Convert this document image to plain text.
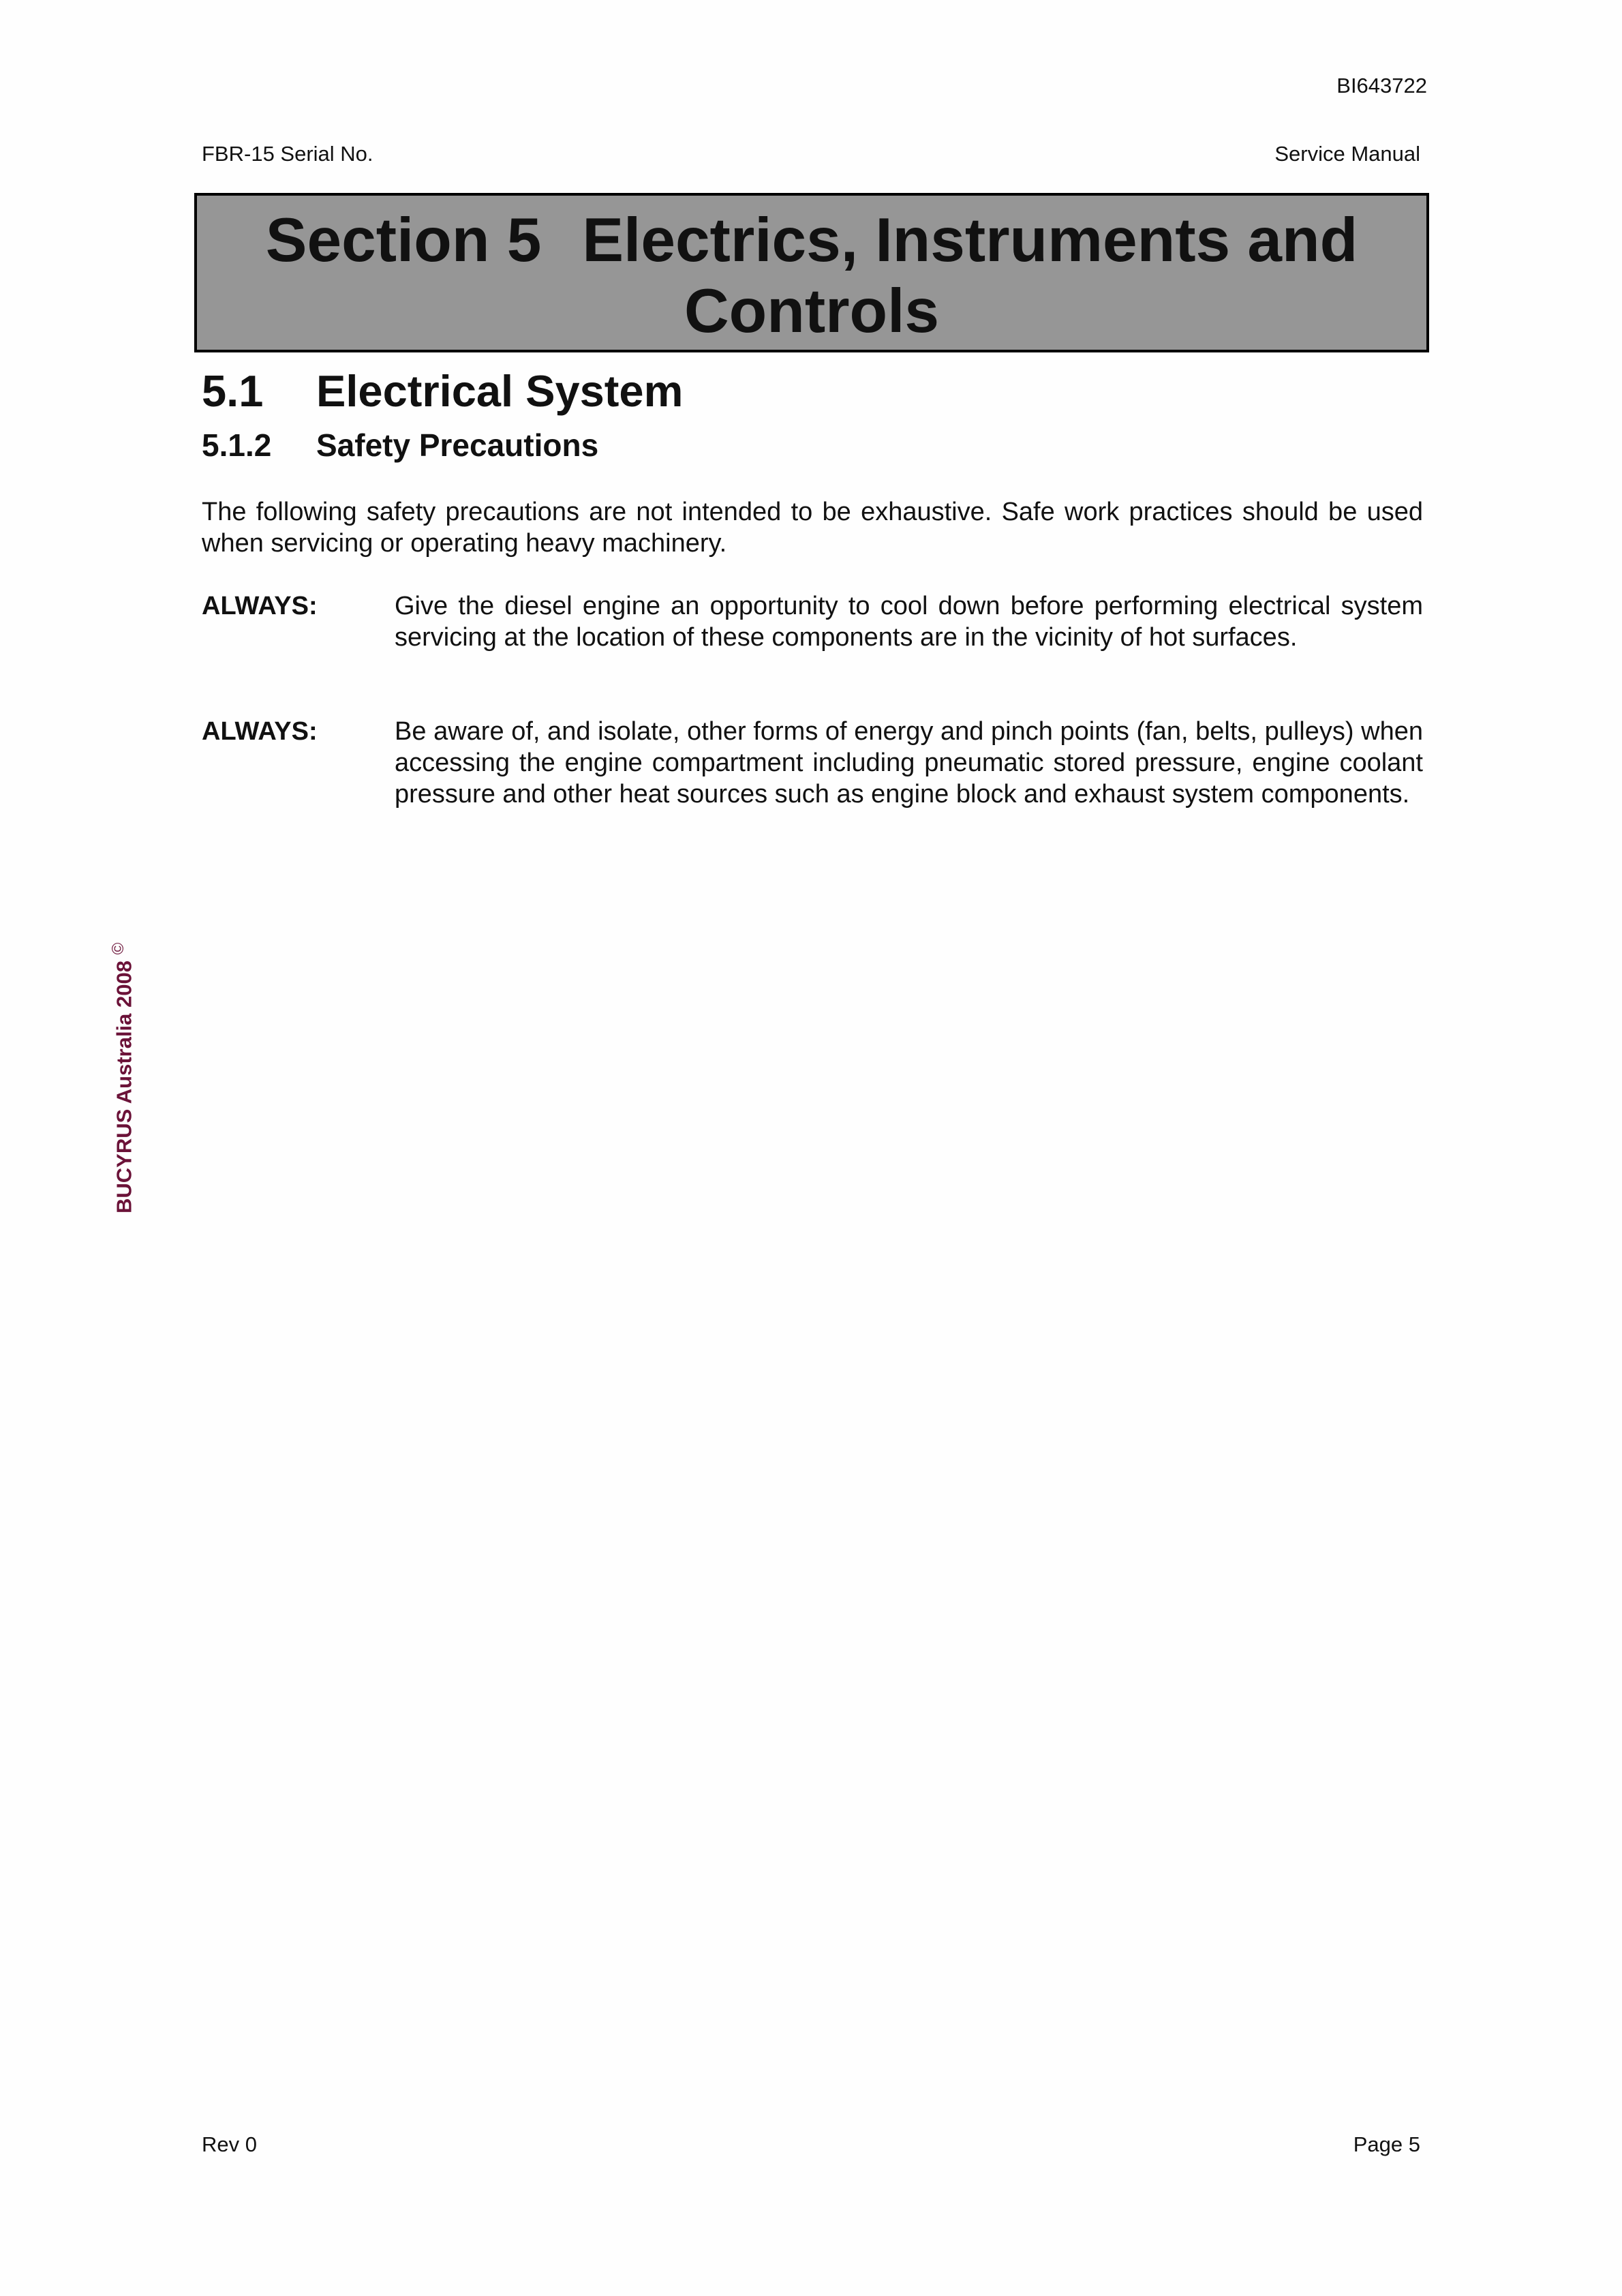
BI643722
FBR-15 Serial No.	Service Manual
Section 5 Electrics, Instruments and
Controls
5.1 Electrical System
5.1.2 Safety Precautions
The following safety precautions are not intended to be exhaustive. Safe work practices should be used when servicing or operating heavy machinery.
ALWAYS:	Give the diesel engine an opportunity to cool down before performing electrical system servicing at the location of these components are in the vicinity of hot surfaces.
ALWAYS:	Be aware of, and isolate, other forms of energy and pinch points (fan, belts, pulleys) when accessing the engine compartment including pneumatic stored pressure, engine coolant pressure and other heat sources such as engine block and exhaust system components.
BUCYRUS Australia 2008 ©
Rev 0	Page 5
